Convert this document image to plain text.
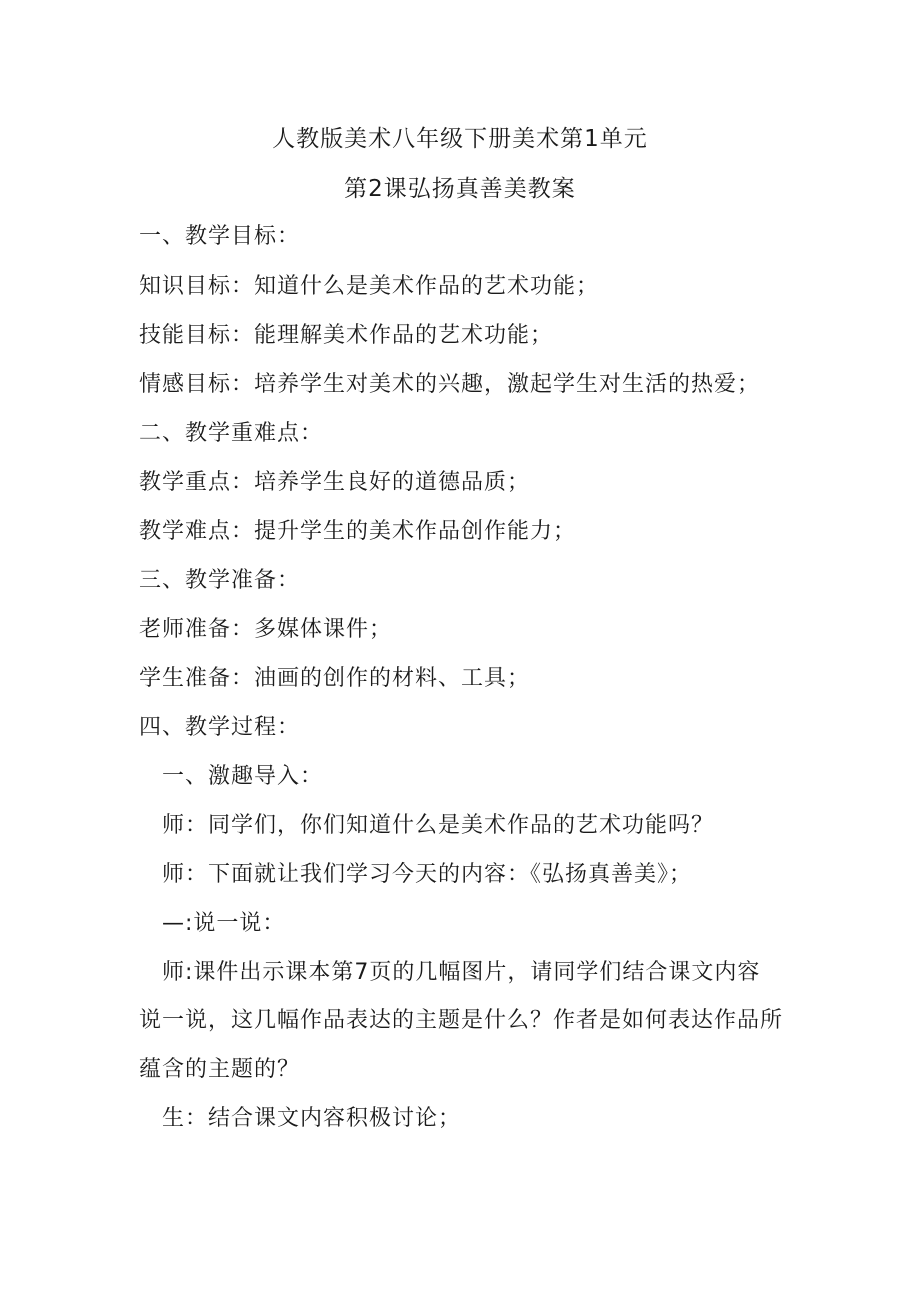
人教版美术八年级下册美术第1单元
第2课弘扬真善美教案
一、教学目标：
知识目标：知道什么是美术作品的艺术功能；
技能目标：能理解美术作品的艺术功能；
情感目标：培养学生对美术的兴趣，激起学生对生活的热爱；
二、教学重难点：
教学重点：培养学生良好的道德品质；
教学难点：提升学生的美术作品创作能力；
三、教学准备：
老师准备：多媒体课件；
学生准备：油画的创作的材料、工具；
四、教学过程：
一、激趣导入：
师：同学们，你们知道什么是美术作品的艺术功能吗？
师：下面就让我们学习今天的内容：《弘扬真善美》；
—:说一说：
师:课件出示课本第7页的几幅图片，请同学们结合课文内容
说一说，这几幅作品表达的主题是什么？作者是如何表达作品所
蕴含的主题的？
生：结合课文内容积极讨论；
